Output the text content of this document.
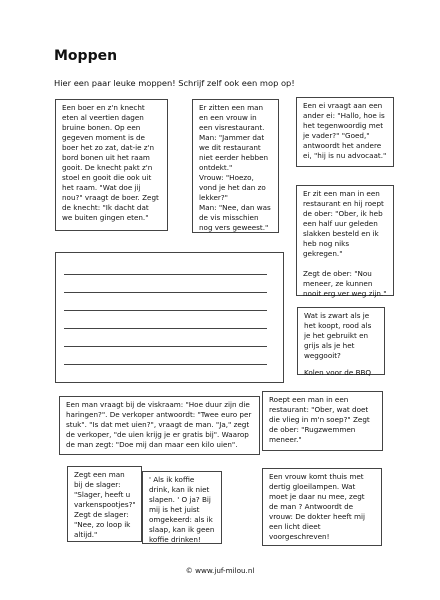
Moppen

Hier een paar leuke moppen! Schrijf zelf ook een mop op!

Een boer en z'n knecht eten al veertien dagen bruine bonen. Op een gegeven moment is de boer het zo zat, dat-ie z'n bord bonen uit het raam gooit. De knecht pakt z'n stoel en gooit die ook uit het raam. "Wat doe jij nou?" vraagt de boer. Zegt de knecht: "Ik dacht dat we buiten gingen eten."

Er zitten een man en een vrouw in een visrestaurant.
Man: "Jammer dat we dit restaurant niet eerder hebben ontdekt."
Vrouw: "Hoezo, vond je het dan zo lekker?"
Man: "Nee, dan was de vis misschien nog vers geweest."

Een ei vraagt aan een ander ei: "Hallo, hoe is het tegenwoordig met je vader?" "Goed," antwoordt het andere ei, "hij is nu advocaat."

Er zit een man in een restaurant en hij roept de ober: "Ober, ik heb een half uur geleden slakken besteld en ik heb nog niks gekregen."

Zegt de ober: "Nou meneer, ze kunnen nooit erg ver weg zijn."

Wat is zwart als je het koopt, rood als je het gebruikt en grijs als je het weggooit?

Kolen voor de BBQ

Een man vraagt bij de viskraam: "Hoe duur zijn die haringen?". De verkoper antwoordt: "Twee euro per stuk". "Is dat met uien?", vraagt de man. "Ja," zegt de verkoper, "de uien krijg je er gratis bij". Waarop de man zegt: "Doe mij dan maar een kilo uien".

Roept een man in een restaurant: "Ober, wat doet die vlieg in m'n soep?" Zegt de ober: "Rugzwemmen meneer."

Zegt een man bij de slager: "Slager, heeft u varkenspootjes?" Zegt de slager: "Nee, zo loop ik altijd."

' Als ik koffie drink, kan ik niet slapen. ' O ja? Bij mij is het juist omgekeerd: als ik slaap, kan ik geen koffie drinken!

Een vrouw komt thuis met dertig gloeilampen. Wat moet je daar nu mee, zegt de man ? Antwoordt de vrouw: De dokter heeft mij een licht dieet voorgeschreven!

© www.juf-milou.nl
